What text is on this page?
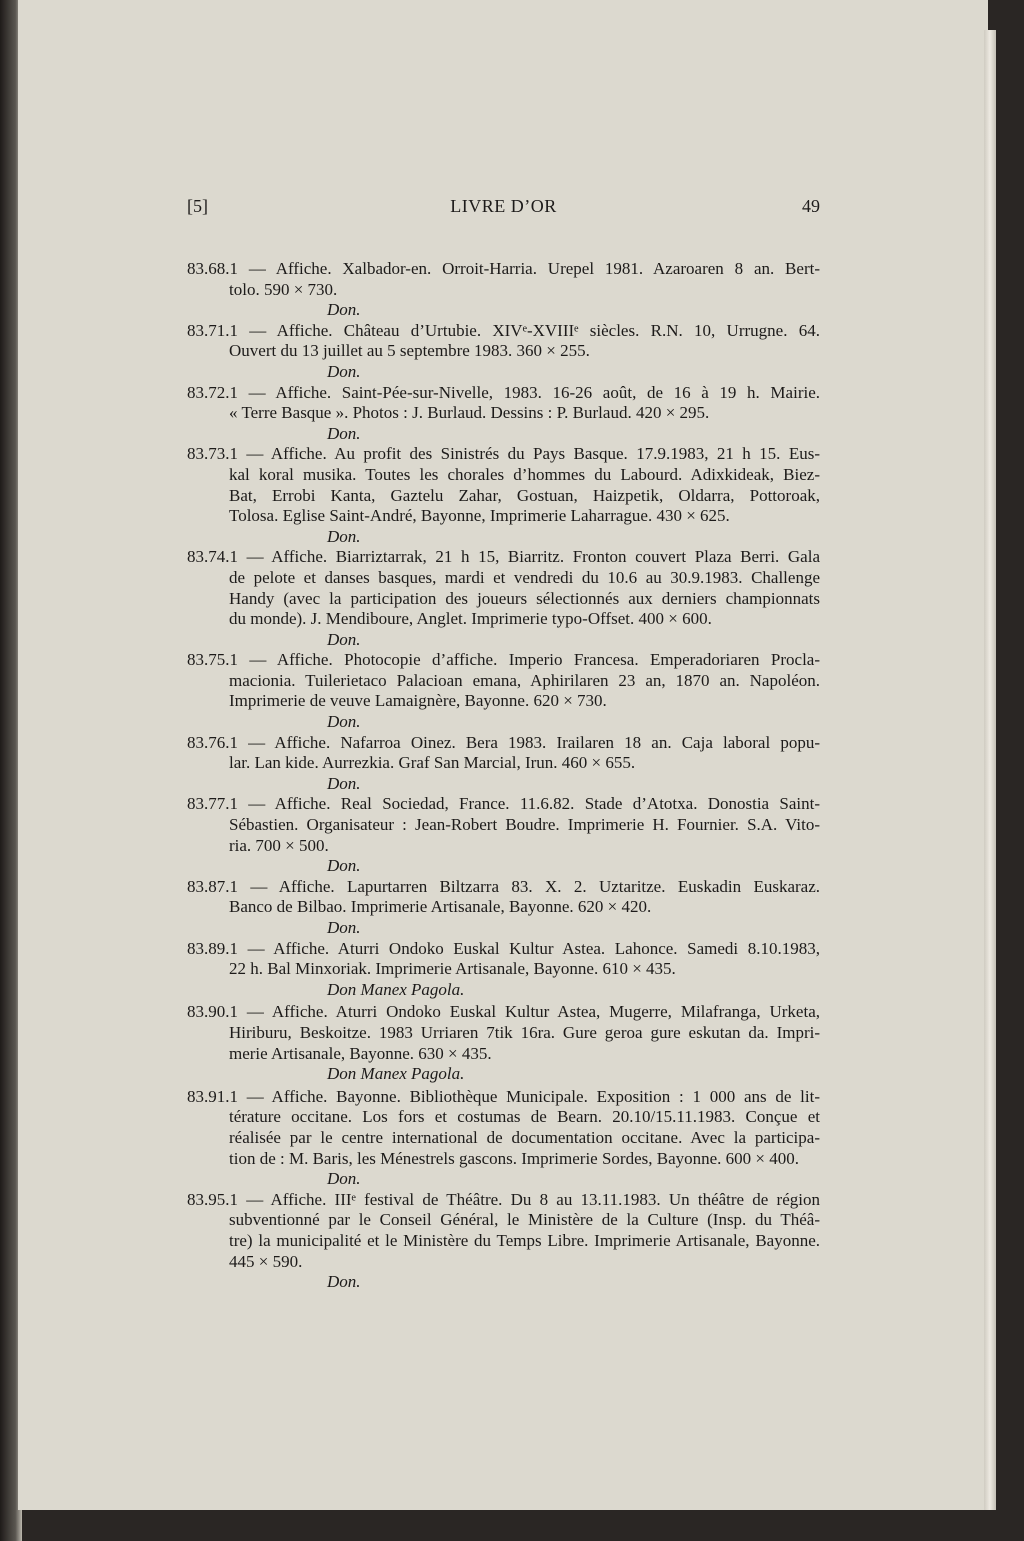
[5]	LIVRE D’OR	49
83.68.1 — Affiche. Xalbador-en. Orroit-Harria. Urepel 1981. Azaroaren 8 an. Bert-
tolo. 590 × 730.
Don.
83.71.1 — Affiche. Château d’Urtubie. XIVᵉ-XVIIIᵉ siècles. R.N. 10, Urrugne. 64.
Ouvert du 13 juillet au 5 septembre 1983. 360 × 255.
Don.
83.72.1 — Affiche. Saint-Pée-sur-Nivelle, 1983. 16-26 août, de 16 à 19 h. Mairie.
« Terre Basque ». Photos : J. Burlaud. Dessins : P. Burlaud. 420 × 295.
Don.
83.73.1 — Affiche. Au profit des Sinistrés du Pays Basque. 17.9.1983, 21 h 15. Eus-
kal koral musika. Toutes les chorales d’hommes du Labourd. Adixkideak, Biez-
Bat, Errobi Kanta, Gaztelu Zahar, Gostuan, Haizpetik, Oldarra, Pottoroak,
Tolosa. Eglise Saint-André, Bayonne, Imprimerie Laharrague. 430 × 625.
Don.
83.74.1 — Affiche. Biarriztarrak, 21 h 15, Biarritz. Fronton couvert Plaza Berri. Gala
de pelote et danses basques, mardi et vendredi du 10.6 au 30.9.1983. Challenge
Handy (avec la participation des joueurs sélectionnés aux derniers championnats
du monde). J. Mendiboure, Anglet. Imprimerie typo-Offset. 400 × 600.
Don.
83.75.1 — Affiche. Photocopie d’affiche. Imperio Francesa. Emperadoriaren Procla-
macionia. Tuilerietaco Palacioan emana, Aphirilaren 23 an, 1870 an. Napoléon.
Imprimerie de veuve Lamaignère, Bayonne. 620 × 730.
Don.
83.76.1 — Affiche. Nafarroa Oinez. Bera 1983. Irailaren 18 an. Caja laboral popu-
lar. Lan kide. Aurrezkia. Graf San Marcial, Irun. 460 × 655.
Don.
83.77.1 — Affiche. Real Sociedad, France. 11.6.82. Stade d’Atotxa. Donostia Saint-
Sébastien. Organisateur : Jean-Robert Boudre. Imprimerie H. Fournier. S.A. Vito-
ria. 700 × 500.
Don.
83.87.1 — Affiche. Lapurtarren Biltzarra 83. X. 2. Uztaritze. Euskadin Euskaraz.
Banco de Bilbao. Imprimerie Artisanale, Bayonne. 620 × 420.
Don.
83.89.1 — Affiche. Aturri Ondoko Euskal Kultur Astea. Lahonce. Samedi 8.10.1983,
22 h. Bal Minxoriak. Imprimerie Artisanale, Bayonne. 610 × 435.
Don Manex Pagola.
83.90.1 — Affiche. Aturri Ondoko Euskal Kultur Astea, Mugerre, Milafranga, Urketa,
Hiriburu, Beskoitze. 1983 Urriaren 7tik 16ra. Gure geroa gure eskutan da. Impri-
merie Artisanale, Bayonne. 630 × 435.
Don Manex Pagola.
83.91.1 — Affiche. Bayonne. Bibliothèque Municipale. Exposition : 1 000 ans de lit-
térature occitane. Los fors et costumas de Bearn. 20.10/15.11.1983. Conçue et
réalisée par le centre international de documentation occitane. Avec la participa-
tion de : M. Baris, les Ménestrels gascons. Imprimerie Sordes, Bayonne. 600 × 400.
Don.
83.95.1 — Affiche. IIIᵉ festival de Théâtre. Du 8 au 13.11.1983. Un théâtre de région
subventionné par le Conseil Général, le Ministère de la Culture (Insp. du Théâ-
tre) la municipalité et le Ministère du Temps Libre. Imprimerie Artisanale, Bayonne.
445 × 590.
Don.
